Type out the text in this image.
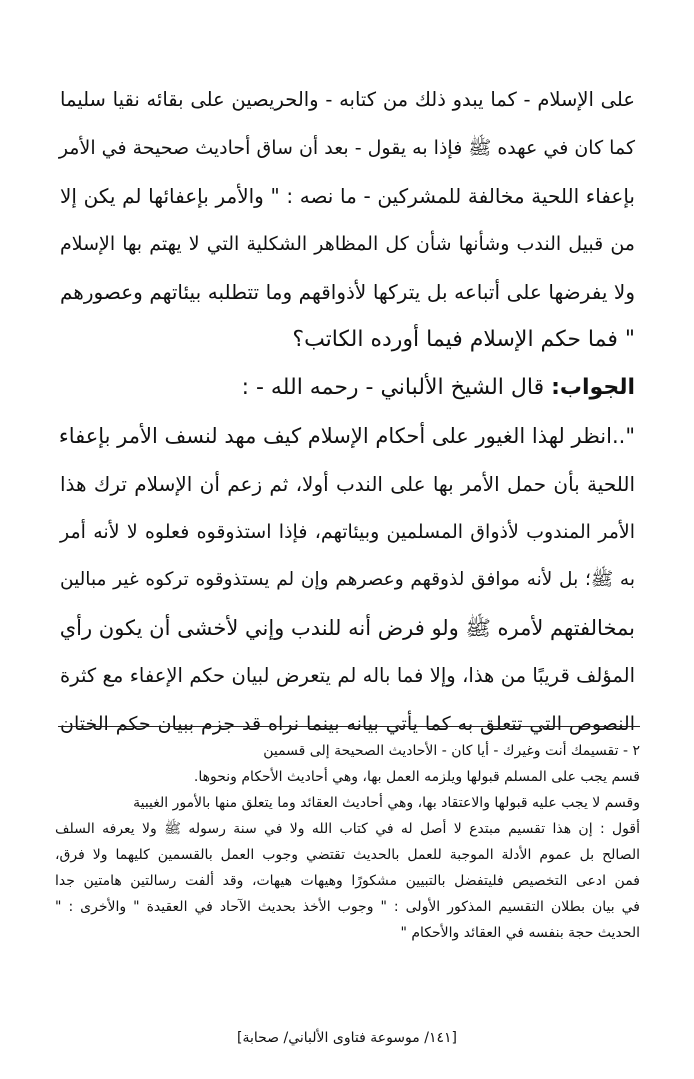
على الإسلام - كما يبدو ذلك من كتابه - والحريصين على بقائه نقيا سليما
كما كان في عهده ﷺ فإذا به يقول - بعد أن ساق أحاديث صحيحة في الأمر
بإعفاء اللحية مخالفة للمشركين - ما نصه : " والأمر بإعفائها لم يكن إلا
من قبيل الندب وشأنها شأن كل المظاهر الشكلية التي لا يهتم بها الإسلام
ولا يفرضها على أتباعه بل يتركها لأذواقهم وما تتطلبه بيئاتهم وعصورهم
" فما حكم الإسلام فيما أورده الكاتب؟
الجواب: قال الشيخ الألباني - رحمه الله - :
"..انظر لهذا الغيور على أحكام الإسلام كيف مهد لنسف الأمر بإعفاء
اللحية بأن حمل الأمر بها على الندب أولا، ثم زعم أن الإسلام ترك هذا
الأمر المندوب لأذواق المسلمين وبيئاتهم، فإذا استذوقوه فعلوه لا لأنه أمر
به ﷺ؛ بل لأنه موافق لذوقهم وعصرهم وإن لم يستذوقوه تركوه غير مبالين
بمخالفتهم لأمره ﷺ ولو فرض أنه للندب وإني لأخشى أن يكون رأي
المؤلف قريبًا من هذا، وإلا فما باله لم يتعرض لبيان حكم الإعفاء مع كثرة
النصوص التي تتعلق به كما يأتي بيانه بينما نراه قد جزم ببيان حكم الختان
٢ - تقسيمك أنت وغيرك - أيا كان - الأحاديث الصحيحة إلى قسمين
قسم يجب على المسلم قبولها ويلزمه العمل بها، وهي أحاديث الأحكام ونحوها.
وقسم لا يجب عليه قبولها والاعتقاد بها، وهي أحاديث العقائد وما يتعلق منها بالأمور الغيبية
أقول : إن هذا تقسيم مبتدع لا أصل له في كتاب الله ولا في سنة رسوله ﷺ ولا يعرفه السلف
الصالح بل عموم الأدلة الموجبة للعمل بالحديث تقتضي وجوب العمل بالقسمين كليهما ولا فرق،
فمن ادعى التخصيص فليتفضل بالتبيين مشكورًا وهيهات هيهات، وقد ألفت رسالتين هامتين جدا
في بيان بطلان التقسيم المذكور الأولى : " وجوب الأخذ بحديث الآحاد في العقيدة " والأخرى : "
الحديث حجة بنفسه في العقائد والأحكام "
[١٤١/ موسوعة فتاوى الألباني/ صحابة]
